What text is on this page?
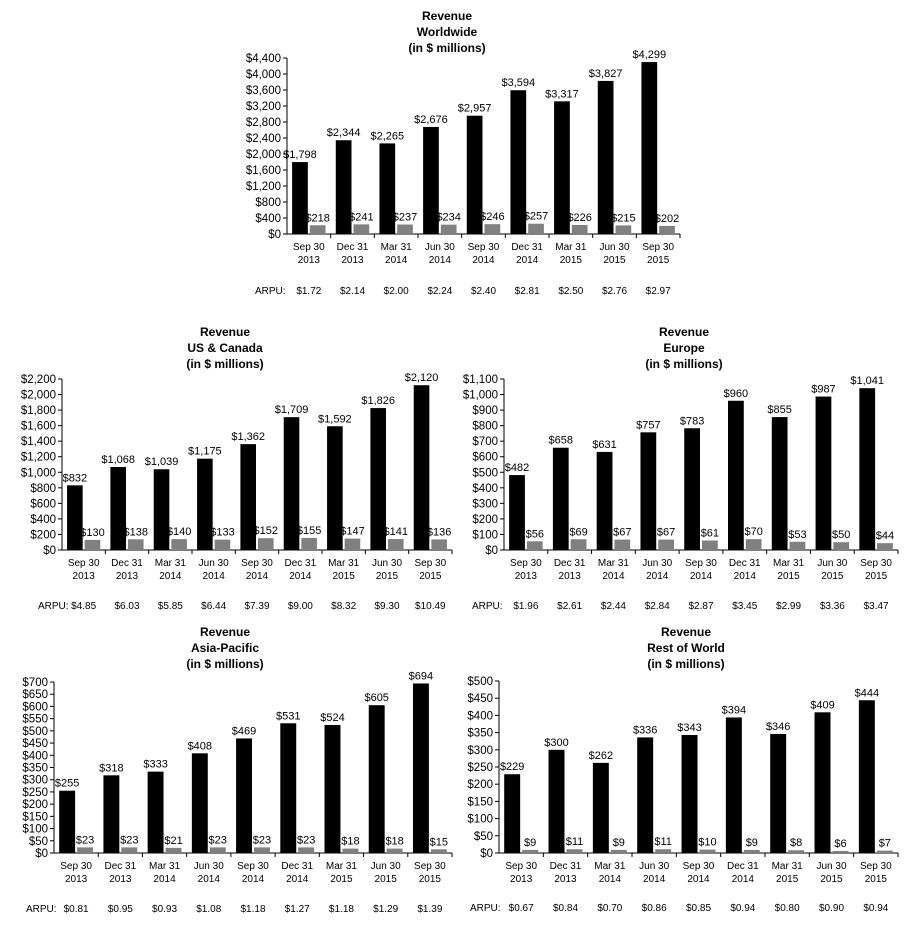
Revenue
Worldwide
(in $ millions)
$0
$400
$800
$1,200
$1,600
$2,000
$2,400
$2,800
$3,200
$3,600
$4,000
$4,400
$1,798
$218
Sep 30
2013
$1.72
$2,344
$241
Dec 31
2013
$2.14
$2,265
$237
Mar 31
2014
$2.00
$2,676
$234
Jun 30
2014
$2.24
$2,957
$246
Sep 30
2014
$2.40
$3,594
$257
Dec 31
2014
$2.81
$3,317
$226
Mar 31
2015
$2.50
$3,827
$215
Jun 30
2015
$2.76
$4,299
$202
Sep 30
2015
$2.97
ARPU:
Revenue
US & Canada
(in $ millions)
$0
$200
$400
$600
$800
$1,000
$1,200
$1,400
$1,600
$1,800
$2,000
$2,200
$832
$130
Sep 30
2013
$4.85
$1,068
$138
Dec 31
2013
$6.03
$1,039
$140
Mar 31
2014
$5.85
$1,175
$133
Jun 30
2014
$6.44
$1,362
$152
Sep 30
2014
$7.39
$1,709
$155
Dec 31
2014
$9.00
$1,592
$147
Mar 31
2015
$8.32
$1,826
$141
Jun 30
2015
$9.30
$2,120
$136
Sep 30
2015
$10.49
ARPU:
Revenue
Europe
(in $ millions)
$0
$100
$200
$300
$400
$500
$600
$700
$800
$900
$1,000
$1,100
$482
$56
Sep 30
2013
$1.96
$658
$69
Dec 31
2013
$2.61
$631
$67
Mar 31
2014
$2.44
$757
$67
Jun 30
2014
$2.84
$783
$61
Sep 30
2014
$2.87
$960
$70
Dec 31
2014
$3.45
$855
$53
Mar 31
2015
$2.99
$987
$50
Jun 30
2015
$3.36
$1,041
$44
Sep 30
2015
$3.47
ARPU:
Revenue
Asia-Pacific
(in $ millions)
$0
$50
$100
$150
$200
$250
$300
$350
$400
$450
$500
$550
$600
$650
$700
$255
$23
Sep 30
2013
$0.81
$318
$23
Dec 31
2013
$0.95
$333
$21
Mar 31
2014
$0.93
$408
$23
Jun 30
2014
$1.08
$469
$23
Sep 30
2014
$1.18
$531
$23
Dec 31
2014
$1.27
$524
$18
Mar 31
2015
$1.18
$605
$18
Jun 30
2015
$1.29
$694
$15
Sep 30
2015
$1.39
ARPU:
Revenue
Rest of World
(in $ millions)
$0
$50
$100
$150
$200
$250
$300
$350
$400
$450
$500
$229
$9
Sep 30
2013
$0.67
$300
$11
Dec 31
2013
$0.84
$262
$9
Mar 31
2014
$0.70
$336
$11
Jun 30
2014
$0.86
$343
$10
Sep 30
2014
$0.85
$394
$9
Dec 31
2014
$0.94
$346
$8
Mar 31
2015
$0.80
$409
$6
Jun 30
2015
$0.90
$444
$7
Sep 30
2015
$0.94
ARPU:
